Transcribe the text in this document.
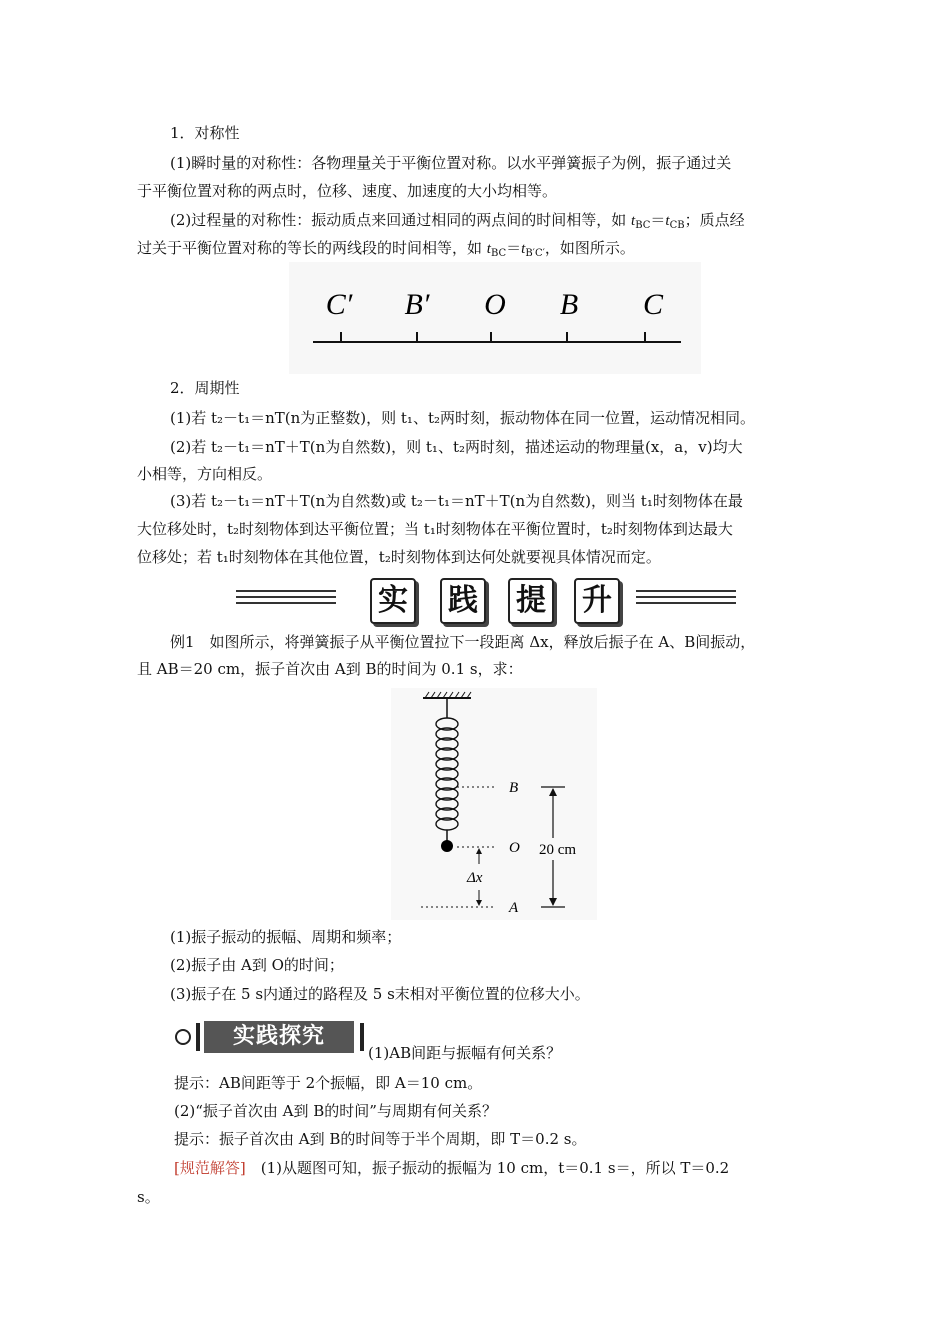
1．对称性
(1)瞬时量的对称性：各物理量关于平衡位置对称。以水平弹簧振子为例，振子通过关
于平衡位置对称的两点时，位移、速度、加速度的大小均相等。
(2)过程量的对称性：振动质点来回通过相同的两点间的时间相等，如 $t_{BC}=t_{CB}$；质点经
过关于平衡位置对称的等长的两线段的时间相等，如 $t_{BC}=t_{B'C'}$，如图所示。
C′ B′ O B C
2．周期性
(1)若 t₂－t₁＝nT(n为正整数)，则 t₁、t₂两时刻，振动物体在同一位置，运动情况相同。
(2)若 t₂－t₁＝nT＋T(n为自然数)，则 t₁、t₂两时刻，描述运动的物理量(x，a，v)均大
小相等，方向相反。
(3)若 t₂－t₁＝nT＋T(n为自然数)或 t₂－t₁＝nT＋T(n为自然数)，则当 t₁时刻物体在最
大位移处时，t₂时刻物体到达平衡位置；当 t₁时刻物体在平衡位置时，t₂时刻物体到达最大
位移处；若 t₁时刻物体在其他位置，t₂时刻物体到达何处就要视具体情况而定。
实 践 提 升
例1　如图所示，将弹簧振子从平衡位置拉下一段距离 Δx，释放后振子在 A、B间振动，
且 AB＝20 cm，振子首次由 A到 B的时间为 0.1 s，求：
B
O
A
20 cm
Δx
(1)振子振动的振幅、周期和频率；
(2)振子由 A到 O的时间；
(3)振子在 5 s内通过的路程及 5 s末相对平衡位置的位移大小。
实践探究
(1)AB间距与振幅有何关系？
提示：AB间距等于 2个振幅，即 A＝10 cm。
(2)“振子首次由 A到 B的时间”与周期有何关系？
提示：振子首次由 A到 B的时间等于半个周期，即 T＝0.2 s。
[规范解答]　(1)从题图可知，振子振动的振幅为 10 cm，t＝0.1 s＝，所以 T＝0.2
s。
